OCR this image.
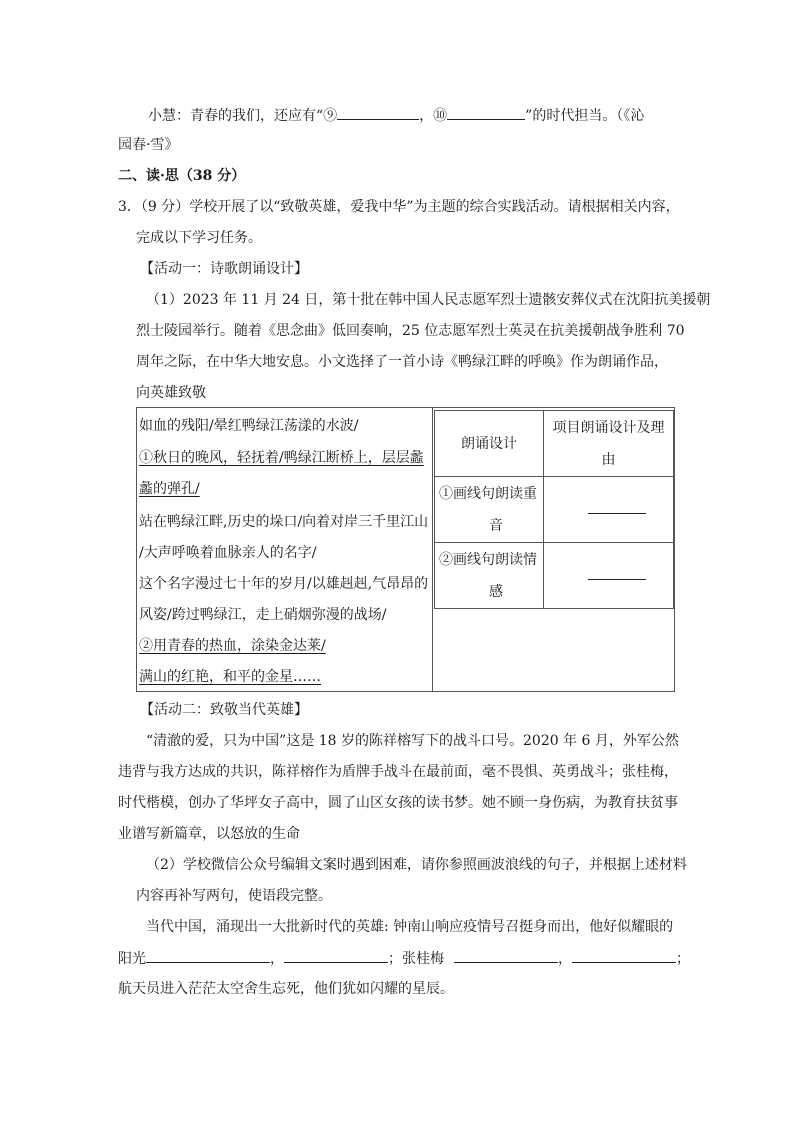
小慧：青春的我们，还应有“⑨	，⑩	”的时代担当。（《沁
园春·雪》
二、读·思（38 分）
3．（9 分）学校开展了以“致敬英雄，爱我中华”为主题的综合实践活动。请根据相关内容，
完成以下学习任务。
【活动一：诗歌朗诵设计】
（1）2023 年 11 月 24 日，第十批在韩中国人民志愿军烈士遗骸安葬仪式在沈阳抗美援朝
烈士陵园举行。随着《思念曲》低回奏响，25 位志愿军烈士英灵在抗美援朝战争胜利 70
周年之际，在中华大地安息。小文选择了一首小诗《鸭绿江畔的呼唤》作为朗诵作品，
向英雄致敬
如血的残阳/晕红鸭绿江荡漾的水波/
①秋日的晚风，轻抚着/鸭绿江断桥上，层层蠡
蠡的弹孔/
站在鸭绿江畔,历史的垛口/向着对岸三千里江山
/大声呼唤着血脉亲人的名字/
这个名字漫过七十年的岁月/以雄赳赳,气昂昂的
风姿/跨过鸭绿江，走上硝烟弥漫的战场/
②用青春的热血，涂染金达莱/
满山的红艳，和平的金星……
朗诵设计	项目朗诵设计及理由
①画线句朗读重
音	
②画线句朗读情
感	
【活动二：致敬当代英雄】
“清澈的爱，只为中国”这是 18 岁的陈祥榕写下的战斗口号。2020 年 6 月，外军公然
违背与我方达成的共识，陈祥榕作为盾牌手战斗在最前面，毫不畏惧、英勇战斗；张桂梅，
时代楷模，创办了华坪女子高中，圆了山区女孩的读书梦。她不顾一身伤病，为教育扶贫事
业谱写新篇章，以怒放的生命
（2）学校微信公众号编辑文案时遇到困难，请你参照画波浪线的句子，并根据上述材料
内容再补写两句，使语段完整。
当代中国，涌现出一大批新时代的英雄: 钟南山响应疫情号召挺身而出，他好似耀眼的
阳光	，	；张桂梅	，	；
航天员进入茫茫太空舍生忘死，他们犹如闪耀的星辰。
